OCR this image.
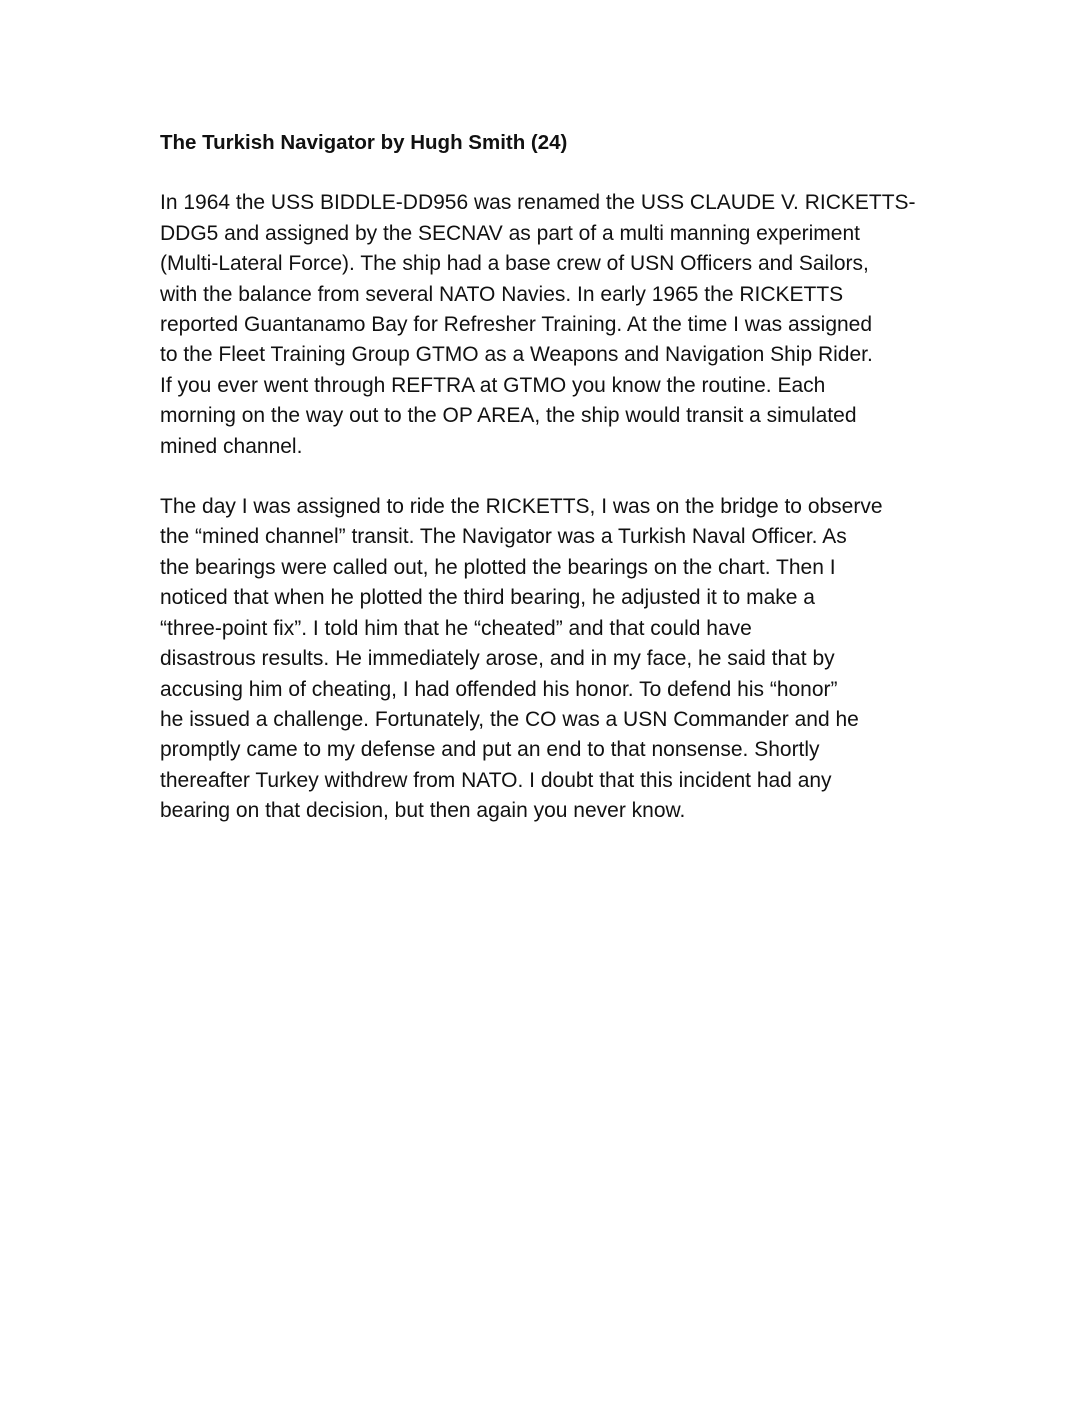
The Turkish Navigator by Hugh Smith (24)
In 1964 the USS BIDDLE-DD956 was renamed the USS CLAUDE V. RICKETTS-
DDG5 and assigned by the SECNAV as part of a multi manning experiment
(Multi-Lateral Force). The ship had a base crew of USN Officers and Sailors,
with the balance from several NATO Navies. In early 1965 the RICKETTS
reported Guantanamo Bay for Refresher Training. At the time I was assigned
to the Fleet Training Group GTMO as a Weapons and Navigation Ship Rider.
If you ever went through REFTRA at GTMO you know the routine. Each
morning on the way out to the OP AREA, the ship would transit a simulated
mined channel.
The day I was assigned to ride the RICKETTS, I was on the bridge to observe
the “mined channel” transit. The Navigator was a Turkish Naval Officer. As
the bearings were called out, he plotted the bearings on the chart. Then I
noticed that when he plotted the third bearing, he adjusted it to make a
“three-point fix”. I told him that he “cheated” and that could have
disastrous results. He immediately arose, and in my face, he said that by
accusing him of cheating, I had offended his honor. To defend his “honor”
he issued a challenge. Fortunately, the CO was a USN Commander and he
promptly came to my defense and put an end to that nonsense. Shortly
thereafter Turkey withdrew from NATO. I doubt that this incident had any
bearing on that decision, but then again you never know.
